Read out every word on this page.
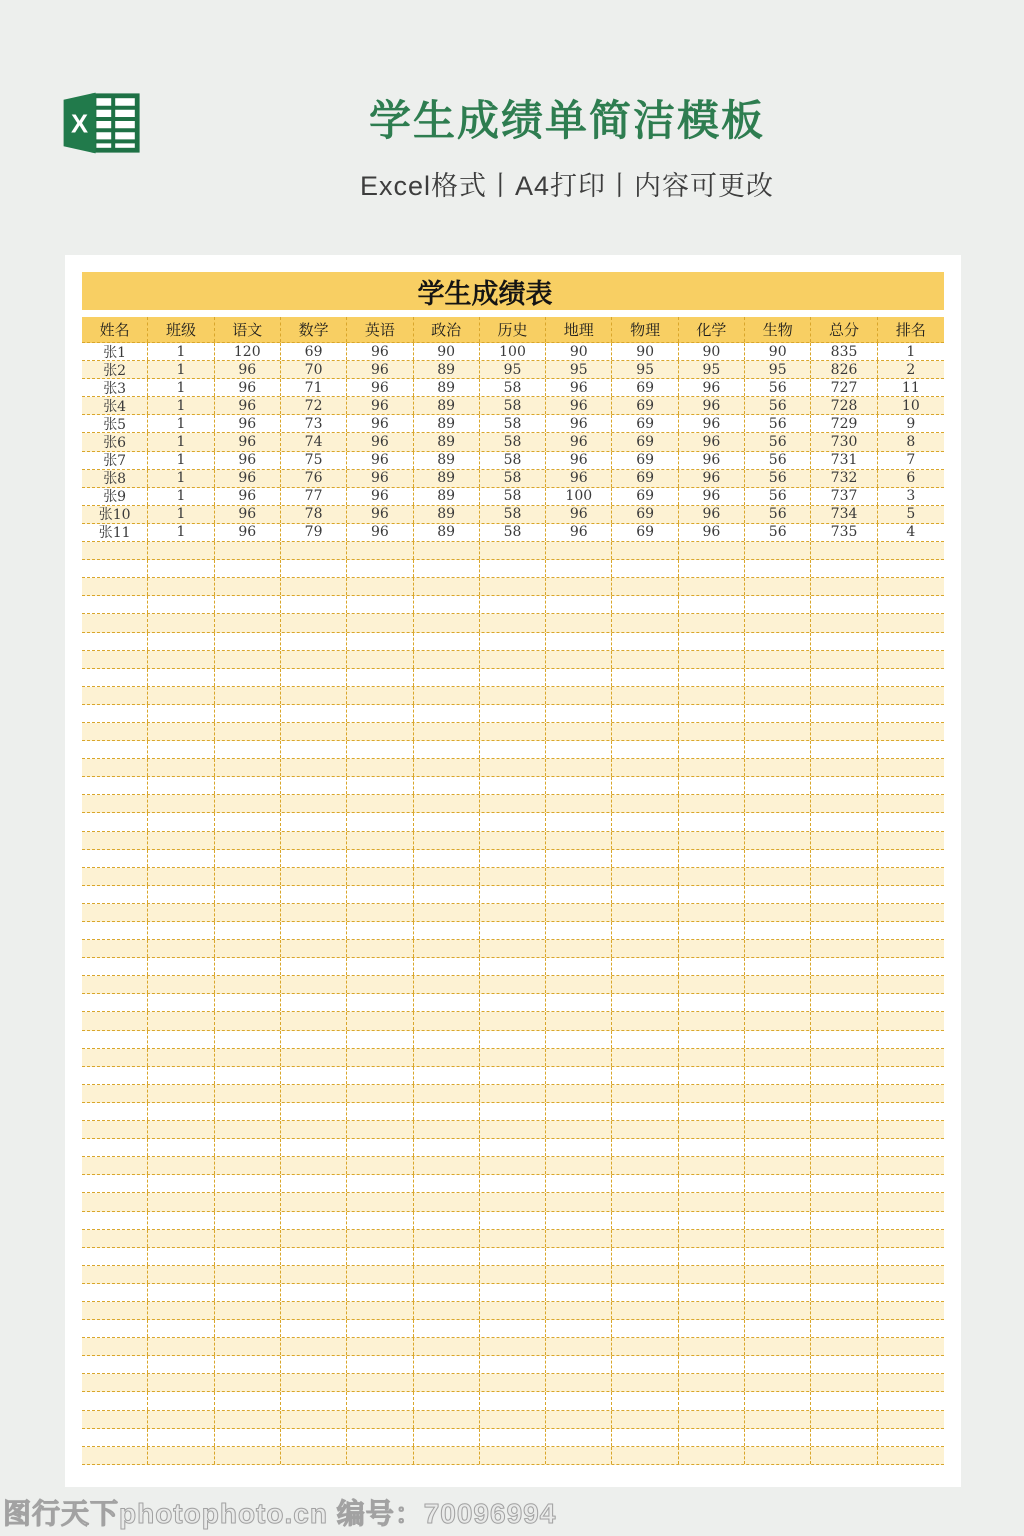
X	学生成绩单简洁模板
Excel格式丨A4打印丨内容可更改
学生成绩表
姓名	班级	语文	数学	英语	政治	历史	地理	物理	化学	生物	总分	排名
张1	1	120	69	96	90	100	90	90	90	90	835	1
张2	1	96	70	96	89	95	95	95	95	95	826	2
张3	1	96	71	96	89	58	96	69	96	56	727	11
张4	1	96	72	96	89	58	96	69	96	56	728	10
张5	1	96	73	96	89	58	96	69	96	56	729	9
张6	1	96	74	96	89	58	96	69	96	56	730	8
张7	1	96	75	96	89	58	96	69	96	56	731	7
张8	1	96	76	96	89	58	96	69	96	56	732	6
张9	1	96	77	96	89	58	100	69	96	56	737	3
张10	1	96	78	96	89	58	96	69	96	56	734	5
张11	1	96	79	96	89	58	96	69	96	56	735	4
图行天下photophoto.cn 编号：70096994
